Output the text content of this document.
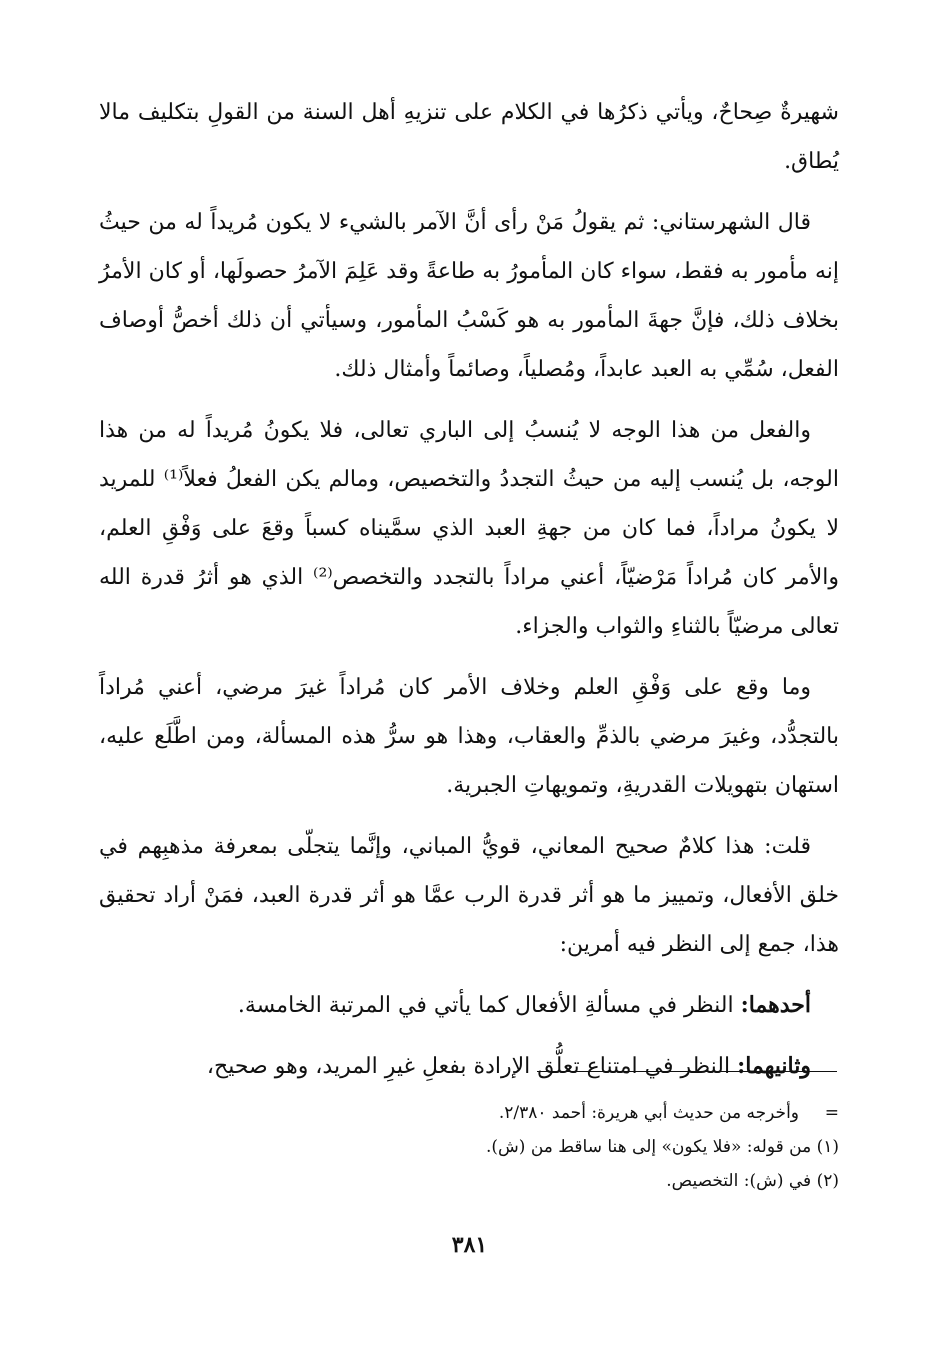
شهيرةٌ صِحاحٌ، ويأتي ذكرُها في الكلام على تنزيهِ أهل السنة من القولِ بتكليف مالا يُطاق.

قال الشهرستاني: ثم يقولُ مَنْ رأى أنَّ الآمر بالشيء لا يكون مُريداً له من حيثُ إنه مأمور به فقط، سواء كان المأمورُ به طاعةً وقد عَلِمَ الآمرُ حصولَها، أو كان الأمرُ بخلاف ذلك، فإنَّ جهةَ المأمور به هو كَسْبُ المأمور، وسيأتي أن ذلك أخصُّ أوصاف الفعل، سُمِّي به العبد عابداً، ومُصلياً، وصائماً وأمثال ذلك.

والفعل من هذا الوجه لا يُنسبُ إلى الباري تعالى، فلا يكونُ مُريداً له من هذا الوجه، بل يُنسب إليه من حيثُ التجددُ والتخصيص، ومالم يكن الفعلُ فعلاً⁽¹⁾ للمريد لا يكونُ مراداً، فما كان من جهةِ العبد الذي سمَّيناه كسباً وقعَ على وَفْقِ العلم، والأمر كان مُراداً مَرْضيّاً، أعني مراداً بالتجدد والتخصص⁽²⁾ الذي هو أثرُ قدرة الله تعالى مرضيّاً بالثناءِ والثواب والجزاء.

وما وقع على وَفْقِ العلم وخلاف الأمر كان مُراداً غيرَ مرضي، أعني مُراداً بالتجدُّد، وغيرَ مرضي بالذمِّ والعقاب، وهذا هو سرُّ هذه المسألة، ومن اطَّلَع عليه، استهان بتهويلات القدريةِ، وتمويهاتِ الجبرية.

قلت: هذا كلامٌ صحيح المعاني، قويُّ المباني، وإنَّما يتجلّى بمعرفة مذهبِهم في خلق الأفعال، وتمييز ما هو أثر قدرة الرب عمَّا هو أثر قدرة العبد، فمَنْ أراد تحقيق هذا، جمع إلى النظر فيه أمرين:

أحدهما: النظر في مسألةِ الأفعال كما يأتي في المرتبة الخامسة.

وثانيهما: النظر في امتناع تعلُّق الإرادة بفعلِ غيرِ المريد، وهو صحيح،

=وأخرجه من حديث أبي هريرة: أحمد ٢/٣٨٠.

(١) من قوله: «فلا يكون» إلى هنا ساقط من (ش).

(٢) في (ش): التخصيص.

٣٨١
